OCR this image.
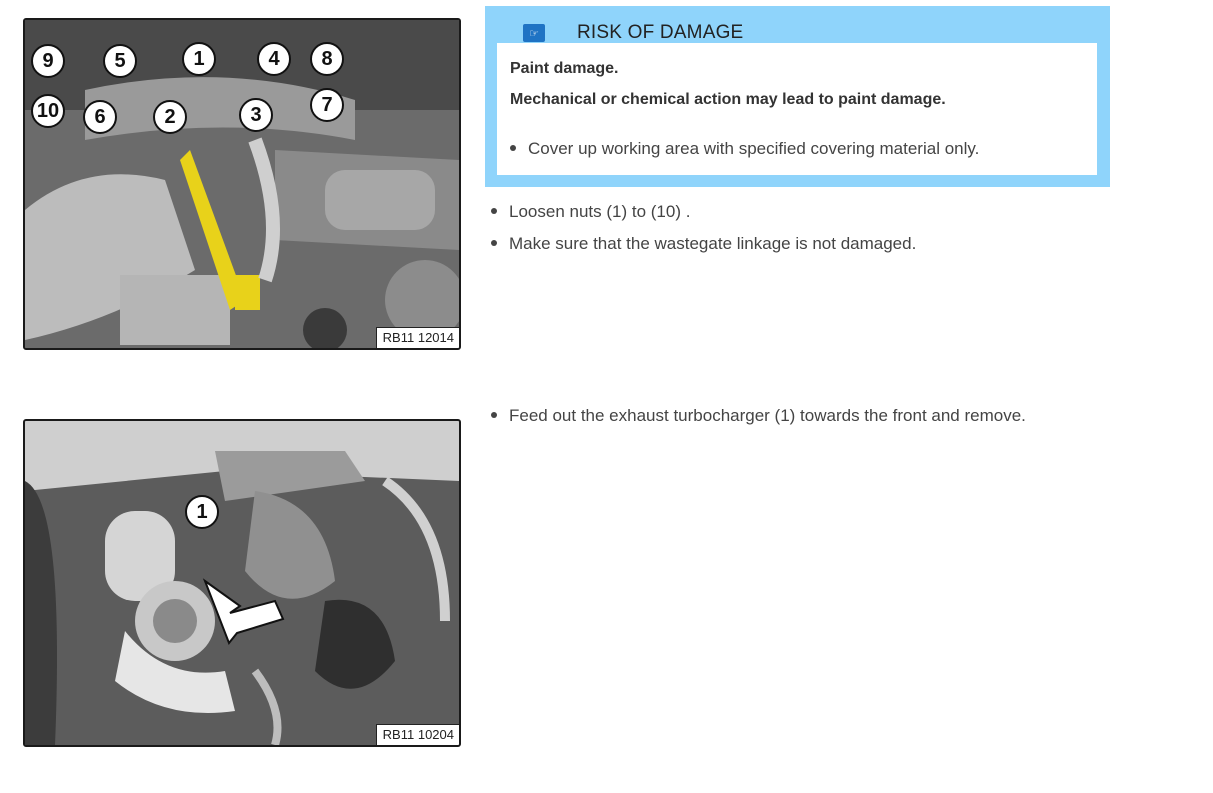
9	5	1	4	8
10	6	2	3	7
RB11 12014
☞	RISK OF DAMAGE
Paint damage.
Mechanical or chemical action may lead to paint damage.
Cover up working area with specified covering material only.
Loosen nuts (1) to (10) .
Make sure that the wastegate linkage is not damaged.
1
RB11 10204
Feed out the exhaust turbocharger (1) towards the front and remove.
